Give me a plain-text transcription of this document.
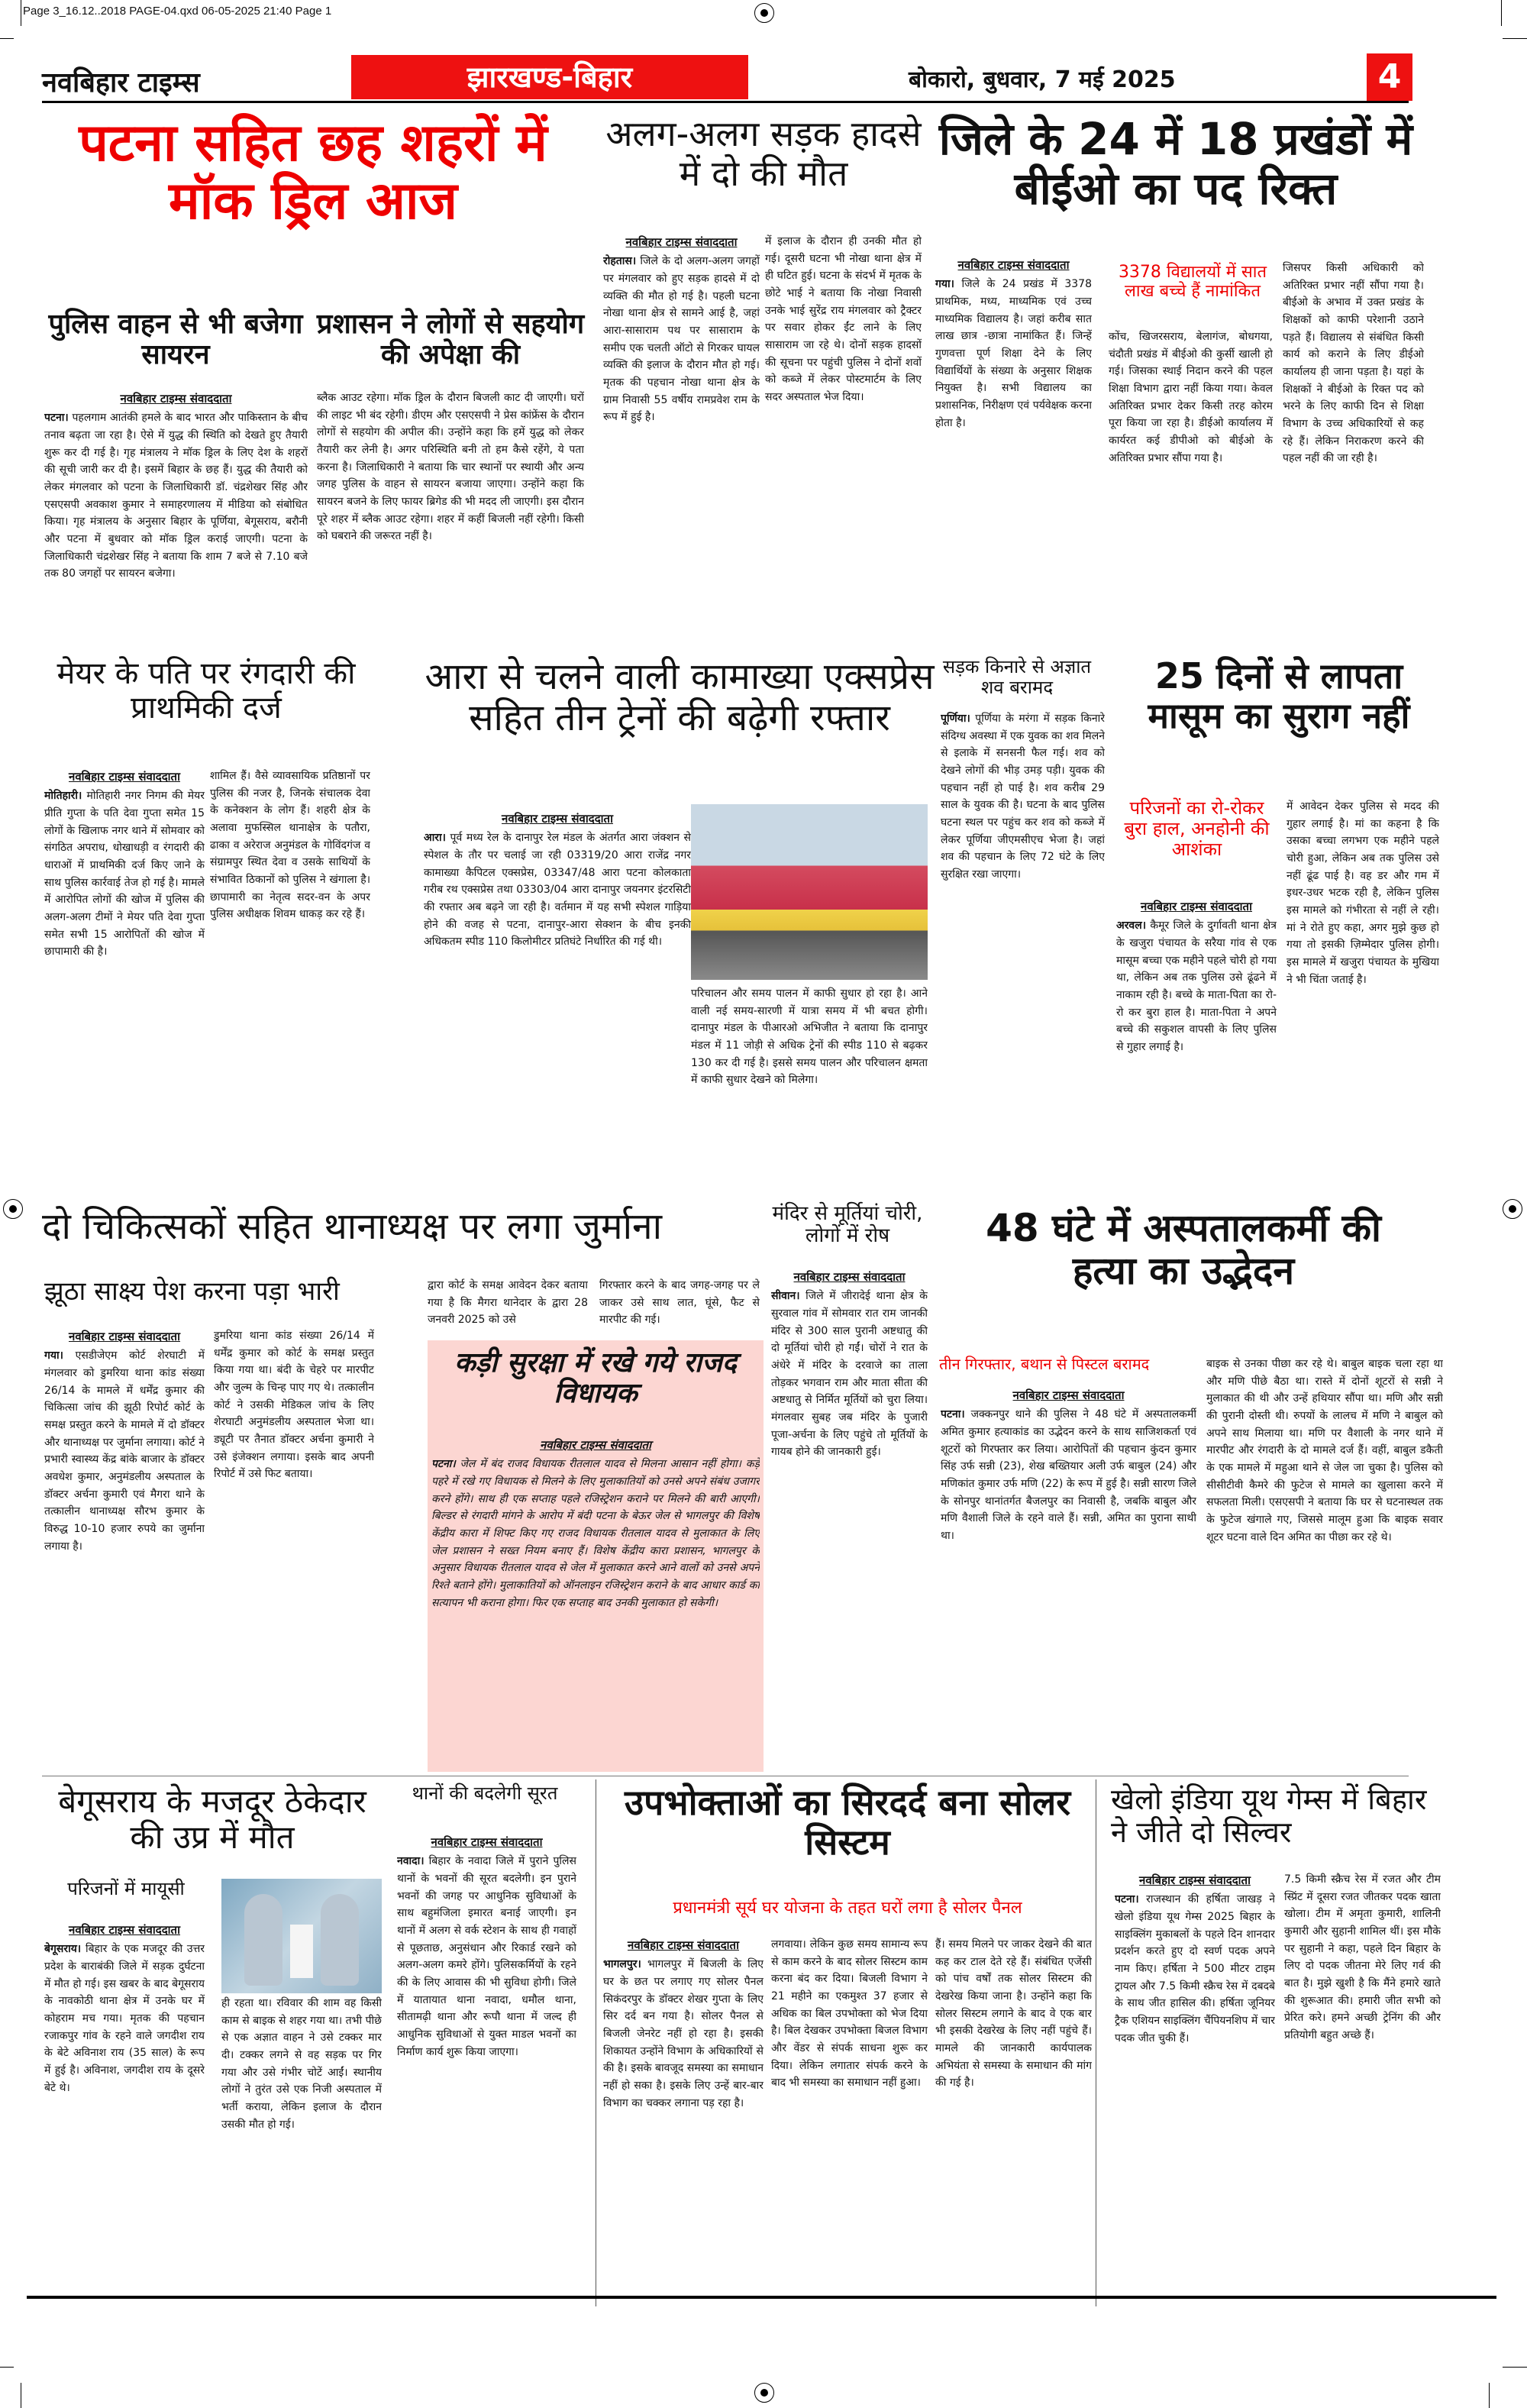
Page 3_16.12..2018 PAGE-04.qxd 06-05-2025 21:40 Page 1
नवबिहार टाइम्स	झारखण्ड-बिहार	बोकारो, बुधवार, 7 मई 2025	4
पटना सहित छह शहरों में मॉक ड्रिल आज
पुलिस वाहन से भी बजेगा सायरन
प्रशासन ने लोगों से सहयोग की अपेक्षा की
नवबिहार टाइम्स संवाददाता
पटना। पहलगाम आतंकी हमले के बाद भारत और पाकिस्तान के बीच तनाव बढ़ता जा रहा है। ऐसे में युद्ध की स्थिति को देखते हुए तैयारी शुरू कर दी गई है। गृह मंत्रालय ने मॉक ड्रिल के लिए देश के शहरों की सूची जारी कर दी है। इसमें बिहार के छह हैं। युद्ध की तैयारी को लेकर मंगलवार को पटना के जिलाधिकारी डॉ. चंद्रशेखर सिंह और एसएसपी अवकाश कुमार ने समाहरणालय में मीडिया को संबोधित किया। गृह मंत्रालय के अनुसार बिहार के पूर्णिया, बेगूसराय, बरौनी और पटना में बुधवार को मॉक ड्रिल कराई जाएगी। पटना के जिलाधिकारी चंद्रशेखर सिंह ने बताया कि शाम 7 बजे से 7.10 बजे तक 80 जगहों पर सायरन बजेगा।
ब्लैक आउट रहेगा। मॉक ड्रिल के दौरान बिजली काट दी जाएगी। घरों की लाइट भी बंद रहेगी। डीएम और एसएसपी ने प्रेस कांफ्रेंस के दौरान लोगों से सहयोग की अपील की। उन्होंने कहा कि हमें युद्ध को लेकर तैयारी कर लेनी है। अगर परिस्थिति बनी तो हम कैसे रहेंगे, ये पता करना है। जिलाधिकारी ने बताया कि चार स्थानों पर स्थायी और अन्य जगह पुलिस के वाहन से सायरन बजाया जाएगा। उन्होंने कहा कि सायरन बजने के लिए फायर ब्रिगेड की भी मदद ली जाएगी। इस दौरान पूरे शहर में ब्लैक आउट रहेगा। शहर में कहीं बिजली नहीं रहेगी। किसी को घबराने की जरूरत नहीं है।
अलग-अलग सड़क हादसे में दो की मौत
नवबिहार टाइम्स संवाददाता
रोहतास। जिले के दो अलग-अलग जगहों पर मंगलवार को हुए सड़क हादसे में दो व्यक्ति की मौत हो गई है। पहली घटना नोखा थाना क्षेत्र से सामने आई है, जहां आरा-सासाराम पथ पर सासाराम के समीप एक चलती ऑटो से गिरकर घायल व्यक्ति की इलाज के दौरान मौत हो गई। मृतक की पहचान नोखा थाना क्षेत्र के ग्राम निवासी 55 वर्षीय रामप्रवेश राम के रूप में हुई है।
में इलाज के दौरान ही उनकी मौत हो गई। दूसरी घटना भी नोखा थाना क्षेत्र में ही घटित हुई। घटना के संदर्भ में मृतक के छोटे भाई ने बताया कि नोखा निवासी उनके भाई सुरेंद्र राय मंगलवार को ट्रैक्टर पर सवार होकर ईंट लाने के लिए सासाराम जा रहे थे। दोनों सड़क हादसों की सूचना पर पहुंची पुलिस ने दोनों शवों को कब्जे में लेकर पोस्टमार्टम के लिए सदर अस्पताल भेज दिया।
जिले के 24 में 18 प्रखंडों में बीईओ का पद रिक्त
नवबिहार टाइम्स संवाददाता
गया। जिले के 24 प्रखंड में 3378 प्राथमिक, मध्य, माध्यमिक एवं उच्च माध्यमिक विद्यालय है। जहां करीब सात लाख छात्र -छात्रा नामांकित हैं। जिन्हें गुणवत्ता पूर्ण शिक्षा देने के लिए विद्यार्थियों के संख्या के अनुसार शिक्षक नियुक्त है। सभी विद्यालय का प्रशासनिक, निरीक्षण एवं पर्यवेक्षक करना होता है।
3378 विद्यालयों में सात लाख बच्चे हैं नामांकित
कोंच, खिजरसराय, बेलागंज, बोधगया, चंदौती प्रखंड में बीईओ की कुर्सी खाली हो गई। जिसका स्थाई निदान करने की पहल शिक्षा विभाग द्वारा नहीं किया गया। केवल अतिरिक्त प्रभार देकर किसी तरह कोरम पूरा किया जा रहा है। डीईओ कार्यालय में कार्यरत कई डीपीओ को बीईओ के अतिरिक्त प्रभार सौंपा गया है।
जिसपर किसी अधिकारी को अतिरिक्त प्रभार नहीं सौंपा गया है। बीईओ के अभाव में उक्त प्रखंड के शिक्षकों को काफी परेशानी उठाने पड़ते हैं। विद्यालय से संबंधित किसी कार्य को कराने के लिए डीईओ कार्यालय ही जाना पड़ता है। यहां के शिक्षकों ने बीईओ के रिक्त पद को भरने के लिए काफी दिन से शिक्षा विभाग के उच्च अधिकारियों से कह रहे हैं। लेकिन निराकरण करने की पहल नहीं की जा रही है।
मेयर के पति पर रंगदारी की प्राथमिकी दर्ज
नवबिहार टाइम्स संवाददाता
मोतिहारी। मोतिहारी नगर निगम की मेयर प्रीति गुप्ता के पति देवा गुप्ता समेत 15 लोगों के खिलाफ नगर थाने में सोमवार को संगठित अपराध, धोखाधड़ी व रंगदारी की धाराओं में प्राथमिकी दर्ज किए जाने के साथ पुलिस कार्रवाई तेज हो गई है। मामले में आरोपित लोगों की खोज में पुलिस की अलग-अलग टीमों ने मेयर पति देवा गुप्ता समेत सभी 15 आरोपितों की खोज में छापामारी की है।
शामिल हैं। वैसे व्यावसायिक प्रतिष्ठानों पर पुलिस की नजर है, जिनके संचालक देवा के कनेक्शन के लोग हैं। शहरी क्षेत्र के अलावा मुफस्सिल थानाक्षेत्र के पतौरा, ढाका व अरेराज अनुमंडल के गोविंदगंज व संग्रामपुर स्थित देवा व उसके साथियों के संभावित ठिकानों को पुलिस ने खंगाला है। छापामारी का नेतृत्व सदर-वन के अपर पुलिस अधीक्षक शिवम धाकड़ कर रहे हैं।
आरा से चलने वाली कामाख्या एक्सप्रेस सहित तीन ट्रेनों की बढ़ेगी रफ्तार
नवबिहार टाइम्स संवाददाता
आरा। पूर्व मध्य रेल के दानापुर रेल मंडल के अंतर्गत आरा जंक्शन से स्पेशल के तौर पर चलाई जा रही 03319/20 आरा राजेंद्र नगर कामाख्या कैपिटल एक्सप्रेस, 03347/48 आरा पटना कोलकाता गरीब रथ एक्सप्रेस तथा 03303/04 आरा दानापुर जयनगर इंटरसिटी की रफ्तार अब बढ़ने जा रही है। वर्तमान में यह सभी स्पेशल गाड़िया होने की वजह से पटना, दानापुर-आरा सेक्शन के बीच इनकी अधिकतम स्पीड 110 किलोमीटर प्रतिघंटे निर्धारित की गई थी।
परिचालन और समय पालन में काफी सुधार हो रहा है। आने वाली नई समय-सारणी में यात्रा समय में भी बचत होगी। दानापुर मंडल के पीआरओ अभिजीत ने बताया कि दानापुर मंडल में 11 जोड़ी से अधिक ट्रेनों की स्पीड 110 से बढ़कर 130 कर दी गई है। इससे समय पालन और परिचालन क्षमता में काफी सुधार देखने को मिलेगा।
सड़क किनारे से अज्ञात शव बरामद
पूर्णिया। पूर्णिया के मरंगा में सड़क किनारे संदिग्ध अवस्था में एक युवक का शव मिलने से इलाके में सनसनी फैल गई। शव को देखने लोगों की भीड़ उमड़ पड़ी। युवक की पहचान नहीं हो पाई है। शव करीब 29 साल के युवक की है। घटना के बाद पुलिस घटना स्थल पर पहुंच कर शव को कब्जे में लेकर पूर्णिया जीएमसीएच भेजा है। जहां शव की पहचान के लिए 72 घंटे के लिए सुरक्षित रखा जाएगा।
25 दिनों से लापता मासूम का सुराग नहीं
परिजनों का रो-रोकर बुरा हाल, अनहोनी की आशंका
नवबिहार टाइम्स संवाददाता
अरवल। कैमूर जिले के दुर्गावती थाना क्षेत्र के खजुरा पंचायत के सरैया गांव से एक मासूम बच्चा एक महीने पहले चोरी हो गया था, लेकिन अब तक पुलिस उसे ढूंढने में नाकाम रही है। बच्चे के माता-पिता का रो-रो कर बुरा हाल है। माता-पिता ने अपने बच्चे की सकुशल वापसी के लिए पुलिस से गुहार लगाई है।
में आवेदन देकर पुलिस से मदद की गुहार लगाई है। मां का कहना है कि उसका बच्चा लगभग एक महीने पहले चोरी हुआ, लेकिन अब तक पुलिस उसे नहीं ढूंढ पाई है। वह डर और गम में इधर-उधर भटक रही है, लेकिन पुलिस इस मामले को गंभीरता से नहीं ले रही। मां ने रोते हुए कहा, अगर मुझे कुछ हो गया तो इसकी ज़िम्मेदार पुलिस होगी। इस मामले में खजुरा पंचायत के मुखिया ने भी चिंता जताई है।
दो चिकित्सकों सहित थानाध्यक्ष पर लगा जुर्माना
झूठा साक्ष्य पेश करना पड़ा भारी
नवबिहार टाइम्स संवाददाता
गया। एसडीजेएम कोर्ट शेरघाटी में मंगलवार को डुमरिया थाना कांड संख्या 26/14 के मामले में धर्मेंद्र कुमार की चिकित्सा जांच की झूठी रिपोर्ट कोर्ट के समक्ष प्रस्तुत करने के मामले में दो डॉक्टर और थानाध्यक्ष पर जुर्माना लगाया। कोर्ट ने प्रभारी स्वास्थ्य केंद्र बांके बाजार के डॉक्टर अवधेश कुमार, अनुमंडलीय अस्पताल के डॉक्टर अर्चना कुमारी एवं मैगरा थाने के तत्कालीन थानाध्यक्ष सौरभ कुमार के विरुद्ध 10-10 हजार रुपये का जुर्माना लगाया है।
डुमरिया थाना कांड संख्या 26/14 में धर्मेंद्र कुमार को कोर्ट के समक्ष प्रस्तुत किया गया था। बंदी के चेहरे पर मारपीट और जुल्म के चिन्ह पाए गए थे। तत्कालीन कोर्ट ने उसकी मेडिकल जांच के लिए शेरघाटी अनुमंडलीय अस्पताल भेजा था। ड्यूटी पर तैनात डॉक्टर अर्चना कुमारी ने उसे इंजेक्शन लगाया। इसके बाद अपनी रिपोर्ट में उसे फिट बताया।
द्वारा कोर्ट के समक्ष आवेदन देकर बताया गया है कि मैगरा थानेदार के द्वारा 28 जनवरी 2025 को उसे
गिरफ्तार करने के बाद जगह-जगह पर ले जाकर उसे साथ लात, घूंसे, फैट से मारपीट की गई।
कड़ी सुरक्षा में रखे गये राजद विधायक
नवबिहार टाइम्स संवाददाता
पटना। जेल में बंद राजद विधायक रीतलाल यादव से मिलना आसान नहीं होगा। कड़े पहरे में रखे गए विधायक से मिलने के लिए मुलाकातियों को उनसे अपने संबंध उजागर करने होंगे। साथ ही एक सप्ताह पहले रजिस्ट्रेशन कराने पर मिलने की बारी आएगी। बिल्डर से रंगदारी मांगने के आरोप में बंदी पटना के बेऊर जेल से भागलपुर की विशेष केंद्रीय कारा में शिफ्ट किए गए राजद विधायक रीतलाल यादव से मुलाकात के लिए जेल प्रशासन ने सख्त नियम बनाए हैं। विशेष केंद्रीय कारा प्रशासन, भागलपुर के अनुसार विधायक रीतलाल यादव से जेल में मुलाकात करने आने वालों को उनसे अपने रिश्ते बताने होंगे। मुलाकातियों को ऑनलाइन रजिस्ट्रेशन कराने के बाद आधार कार्ड का सत्यापन भी कराना होगा। फिर एक सप्ताह बाद उनकी मुलाकात हो सकेगी।
मंदिर से मूर्तियां चोरी, लोगों में रोष
नवबिहार टाइम्स संवाददाता
सीवान। जिले में जीरादेई थाना क्षेत्र के सुरवाल गांव में सोमवार रात राम जानकी मंदिर से 300 साल पुरानी अष्टधातु की दो मूर्तियां चोरी हो गईं। चोरों ने रात के अंधेरे में मंदिर के दरवाजे का ताला तोड़कर भगवान राम और माता सीता की अष्टधातु से निर्मित मूर्तियों को चुरा लिया। मंगलवार सुबह जब मंदिर के पुजारी पूजा-अर्चना के लिए पहुंचे तो मूर्तियों के गायब होने की जानकारी हुई।
48 घंटे में अस्पतालकर्मी की हत्या का उद्भेदन
तीन गिरफ्तार, बथान से पिस्टल बरामद
नवबिहार टाइम्स संवाददाता
पटना। जक्कनपुर थाने की पुलिस ने 48 घंटे में अस्पतालकर्मी अमित कुमार हत्याकांड का उद्भेदन करने के साथ साजिशकर्ता एवं शूटरों को गिरफ्तार कर लिया। आरोपितों की पहचान कुंदन कुमार सिंह उर्फ सन्नी (23), शेख बख्तियार अली उर्फ बाबुल (24) और मणिकांत कुमार उर्फ मणि (22) के रूप में हुई है। सन्नी सारण जिले के सोनपुर थानांतर्गत बैजलपुर का निवासी है, जबकि बाबुल और मणि वैशाली जिले के रहने वाले हैं। सन्नी, अमित का पुराना साथी था।
बाइक से उनका पीछा कर रहे थे। बाबुल बाइक चला रहा था और मणि पीछे बैठा था। रास्ते में दोनों शूटरों से सन्नी ने मुलाकात की थी और उन्हें हथियार सौंपा था। मणि और सन्नी की पुरानी दोस्ती थी। रुपयों के लालच में मणि ने बाबुल को अपने साथ मिलाया था। मणि पर वैशाली के नगर थाने में मारपीट और रंगदारी के दो मामले दर्ज हैं। वहीं, बाबुल डकैती के एक मामले में महुआ थाने से जेल जा चुका है। पुलिस को सीसीटीवी कैमरे की फुटेज से मामले का खुलासा करने में सफलता मिली। एसएसपी ने बताया कि घर से घटनास्थल तक के फुटेज खंगाले गए, जिससे मालूम हुआ कि बाइक सवार शूटर घटना वाले दिन अमित का पीछा कर रहे थे।
बेगूसराय के मजदूर ठेकेदार की उप्र में मौत
परिजनों में मायूसी
नवबिहार टाइम्स संवाददाता
बेगूसराय। बिहार के एक मजदूर की उत्तर प्रदेश के बाराबंकी जिले में सड़क दुर्घटना में मौत हो गई। इस खबर के बाद बेगूसराय के नावकोठी थाना क्षेत्र में उनके घर में कोहराम मच गया। मृतक की पहचान रजाकपुर गांव के रहने वाले जगदीश राय के बेटे अविनाश राय (35 साल) के रूप में हुई है। अविनाश, जगदीश राय के दूसरे बेटे थे।
ही रहता था। रविवार की शाम वह किसी काम से बाइक से शहर गया था। तभी पीछे से एक अज्ञात वाहन ने उसे टक्कर मार दी। टक्कर लगने से वह सड़क पर गिर गया और उसे गंभीर चोटें आईं। स्थानीय लोगों ने तुरंत उसे एक निजी अस्पताल में भर्ती कराया, लेकिन इलाज के दौरान उसकी मौत हो गई।
थानों की बदलेगी सूरत
नवबिहार टाइम्स संवाददाता
नवादा। बिहार के नवादा जिले में पुराने पुलिस थानों के भवनों की सूरत बदलेगी। इन पुराने भवनों की जगह पर आधुनिक सुविधाओं के साथ बहुमंजिला इमारत बनाई जाएगी। इन थानों में अलग से वर्क स्टेशन के साथ ही गवाहों से पूछताछ, अनुसंधान और रिकार्ड रखने को अलग-अलग कमरे होंगे। पुलिसकर्मियों के रहने की के लिए आवास की भी सुविधा होगी। जिले में यातायात थाना नवादा, धमौल थाना, सीतामढ़ी थाना और रूपौ थाना में जल्द ही आधुनिक सुविधाओं से युक्त माडल भवनों का निर्माण कार्य शुरू किया जाएगा।
उपभोक्ताओं का सिरदर्द बना सोलर सिस्टम
प्रधानमंत्री सूर्य घर योजना के तहत घरों लगा है सोलर पैनल
नवबिहार टाइम्स संवाददाता
भागलपुर। भागलपुर में बिजली के लिए घर के छत पर लगाए गए सोलर पैनल सिकंदरपुर के डॉक्टर शेखर गुप्ता के लिए सिर दर्द बन गया है। सोलर पैनल से बिजली जेनरेट नहीं हो रहा है। इसकी शिकायत उन्होंने विभाग के अधिकारियों से की है। इसके बावजूद समस्या का समाधान नहीं हो सका है। इसके लिए उन्हें बार-बार विभाग का चक्कर लगाना पड़ रहा है।
लगवाया। लेकिन कुछ समय सामान्य रूप से काम करने के बाद सोलर सिस्टम काम करना बंद कर दिया। बिजली विभाग ने 21 महीने का एकमुश्त 37 हजार से अधिक का बिल उपभोक्ता को भेज दिया है। बिल देखकर उपभोक्ता बिजल विभाग और वेंडर से संपर्क साधना शुरू कर दिया। लेकिन लगातार संपर्क करने के बाद भी समस्या का समाधान नहीं हुआ।
हैं। समय मिलने पर जाकर देखने की बात कह कर टाल देते रहे हैं। संबंधित एजेंसी को पांच वर्षों तक सोलर सिस्टम की देखरेख किया जाना है। उन्होंने कहा कि सोलर सिस्टम लगाने के बाद वे एक बार भी इसकी देखरेख के लिए नहीं पहुंचे हैं। मामले की जानकारी कार्यपालक अभियंता से समस्या के समाधान की मांग की गई है।
खेलो इंडिया यूथ गेम्स में बिहार ने जीते दो सिल्वर
नवबिहार टाइम्स संवाददाता
पटना। राजस्थान की हर्षिता जाखड़ ने खेलो इंडिया यूथ गेम्स 2025 बिहार के साइक्लिंग मुकाबलों के पहले दिन शानदार प्रदर्शन करते हुए दो स्वर्ण पदक अपने नाम किए। हर्षिता ने 500 मीटर टाइम ट्रायल और 7.5 किमी स्क्रैच रेस में दबदबे के साथ जीत हासिल की। हर्षिता जूनियर ट्रैक एशियन साइक्लिंग चैंपियनशिप में चार पदक जीत चुकी हैं।
7.5 किमी स्क्रैच रेस में रजत और टीम स्प्रिंट में दूसरा रजत जीतकर पदक खाता खोला। टीम में अमृता कुमारी, शालिनी कुमारी और सुहानी शामिल थीं। इस मौके पर सुहानी ने कहा, पहले दिन बिहार के लिए दो पदक जीतना मेरे लिए गर्व की बात है। मुझे खुशी है कि मैंने हमारे खाते की शुरूआत की। हमारी जीत सभी को प्रेरित करे। हमने अच्छी ट्रेनिंग की और प्रतियोगी बहुत अच्छे हैं।
